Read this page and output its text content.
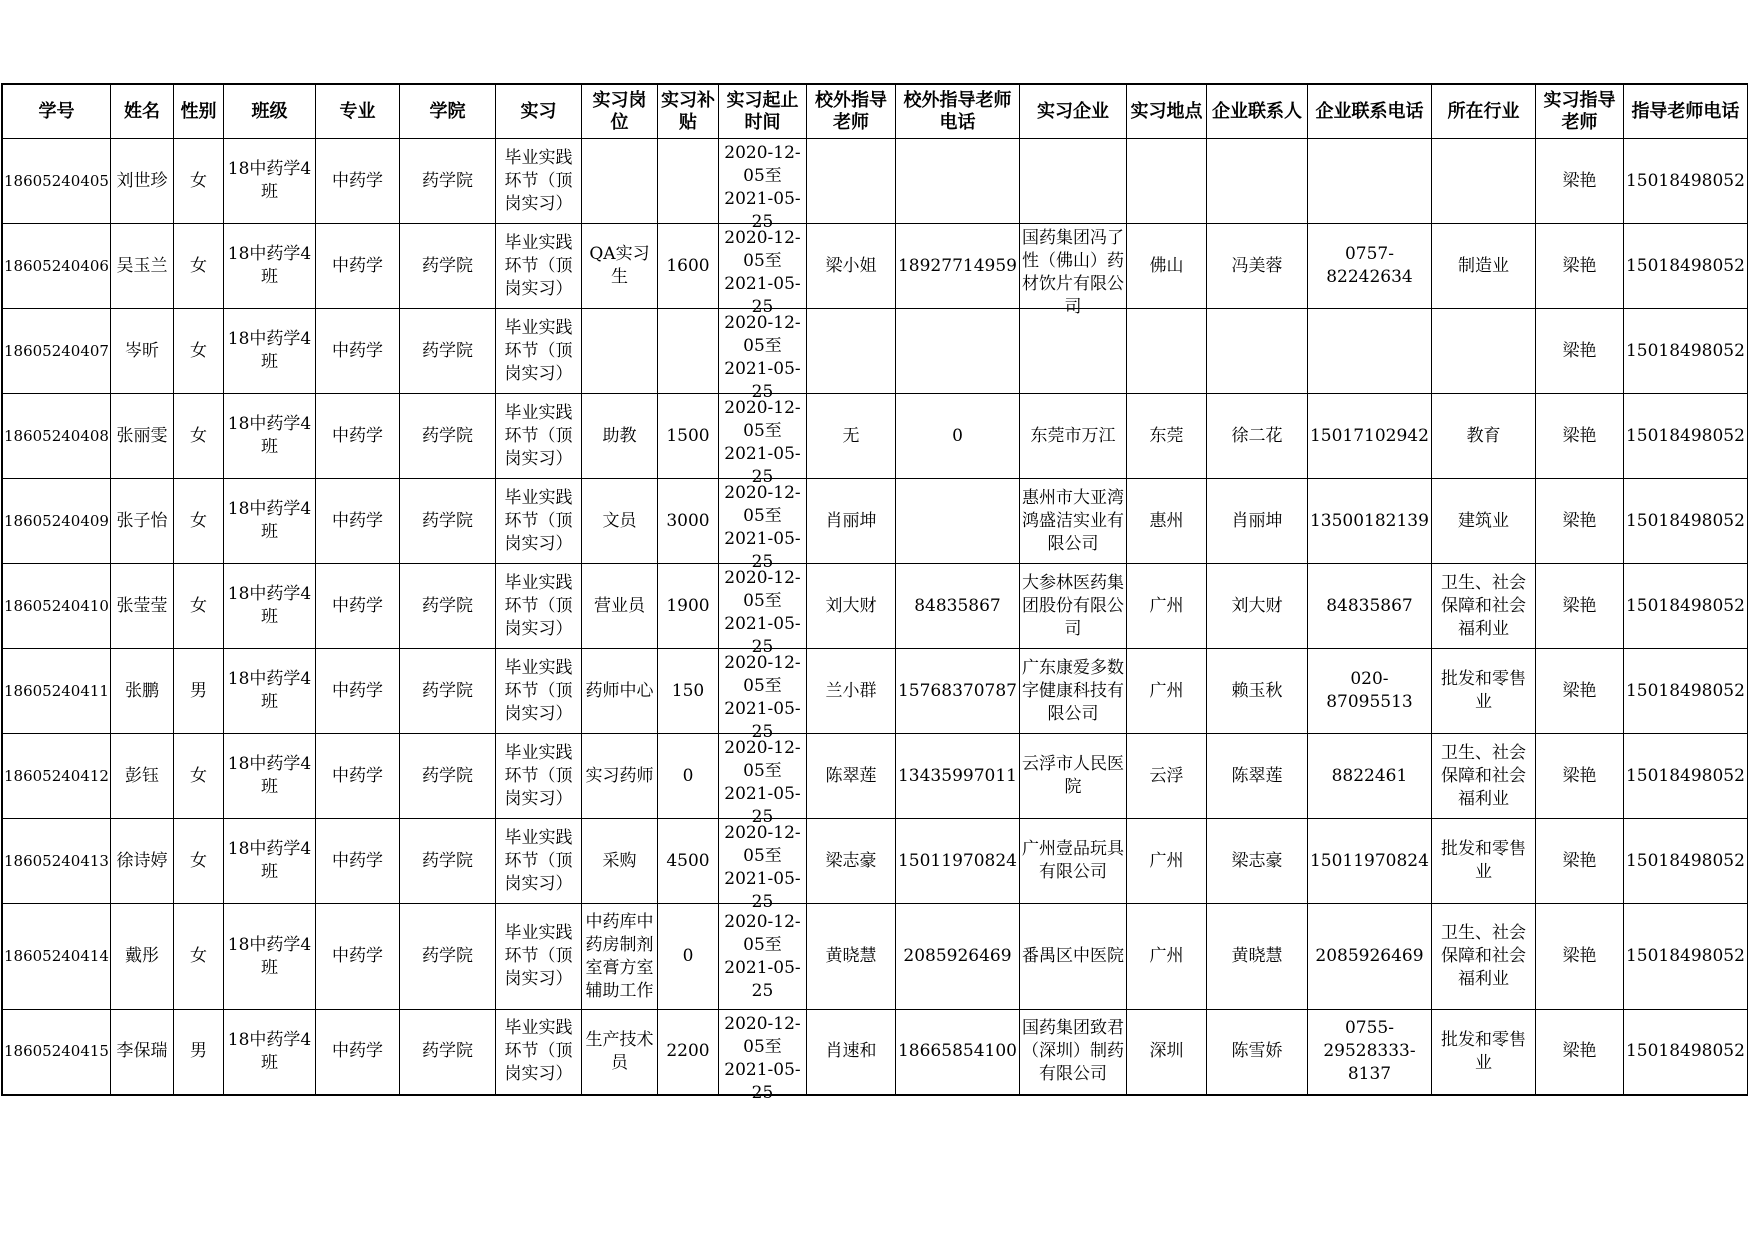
学号	姓名	性别	班级	专业	学院	实习	实习岗位	实习补贴	实习起止时间	校外指导老师	校外指导老师电话	实习企业	实习地点	企业联系人	企业联系电话	所在行业	实习指导老师	指导老师电话

18605240405	刘世珍	女	18中药学4班	中药学	药学院	毕业实践环节（顶岗实习）			2020-12-05至2021-05-25								梁艳	15018498052

18605240406	吴玉兰	女	18中药学4班	中药学	药学院	毕业实践环节（顶岗实习）	QA实习生	1600	2020-12-05至2021-05-25	梁小姐	18927714959	国药集团冯了性（佛山）药材饮片有限公司	佛山	冯美蓉	0757-82242634	制造业	梁艳	15018498052

18605240407	岑昕	女	18中药学4班	中药学	药学院	毕业实践环节（顶岗实习）			2020-12-05至2021-05-25								梁艳	15018498052

18605240408	张丽雯	女	18中药学4班	中药学	药学院	毕业实践环节（顶岗实习）	助教	1500	2020-12-05至2021-05-25	无	0	东莞市万江	东莞	徐二花	15017102942	教育	梁艳	15018498052

18605240409	张子怡	女	18中药学4班	中药学	药学院	毕业实践环节（顶岗实习）	文员	3000	2020-12-05至2021-05-25	肖丽坤		惠州市大亚湾鸿盛洁实业有限公司	惠州	肖丽坤	13500182139	建筑业	梁艳	15018498052

18605240410	张莹莹	女	18中药学4班	中药学	药学院	毕业实践环节（顶岗实习）	营业员	1900	2020-12-05至2021-05-25	刘大财	84835867	大参林医药集团股份有限公司	广州	刘大财	84835867	卫生、社会保障和社会福利业	梁艳	15018498052

18605240411	张鹏	男	18中药学4班	中药学	药学院	毕业实践环节（顶岗实习）	药师中心	150	2020-12-05至2021-05-25	兰小群	15768370787	广东康爱多数字健康科技有限公司	广州	赖玉秋	020-87095513	批发和零售业	梁艳	15018498052

18605240412	彭钰	女	18中药学4班	中药学	药学院	毕业实践环节（顶岗实习）	实习药师	0	2020-12-05至2021-05-25	陈翠莲	13435997011	云浮市人民医院	云浮	陈翠莲	8822461	卫生、社会保障和社会福利业	梁艳	15018498052

18605240413	徐诗婷	女	18中药学4班	中药学	药学院	毕业实践环节（顶岗实习）	采购	4500	2020-12-05至2021-05-25	梁志豪	15011970824	广州壹品玩具有限公司	广州	梁志豪	15011970824	批发和零售业	梁艳	15018498052

18605240414	戴彤	女	18中药学4班	中药学	药学院	毕业实践环节（顶岗实习）	中药库中药房制剂室膏方室辅助工作	0	2020-12-05至2021-05-25	黄晓慧	2085926469	番禺区中医院	广州	黄晓慧	2085926469	卫生、社会保障和社会福利业	梁艳	15018498052

18605240415	李保瑞	男	18中药学4班	中药学	药学院	毕业实践环节（顶岗实习）	生产技术员	2200	2020-12-05至2021-05-25	肖速和	18665854100	国药集团致君（深圳）制药有限公司	深圳	陈雪娇	0755-29528333-8137	批发和零售业	梁艳	15018498052
